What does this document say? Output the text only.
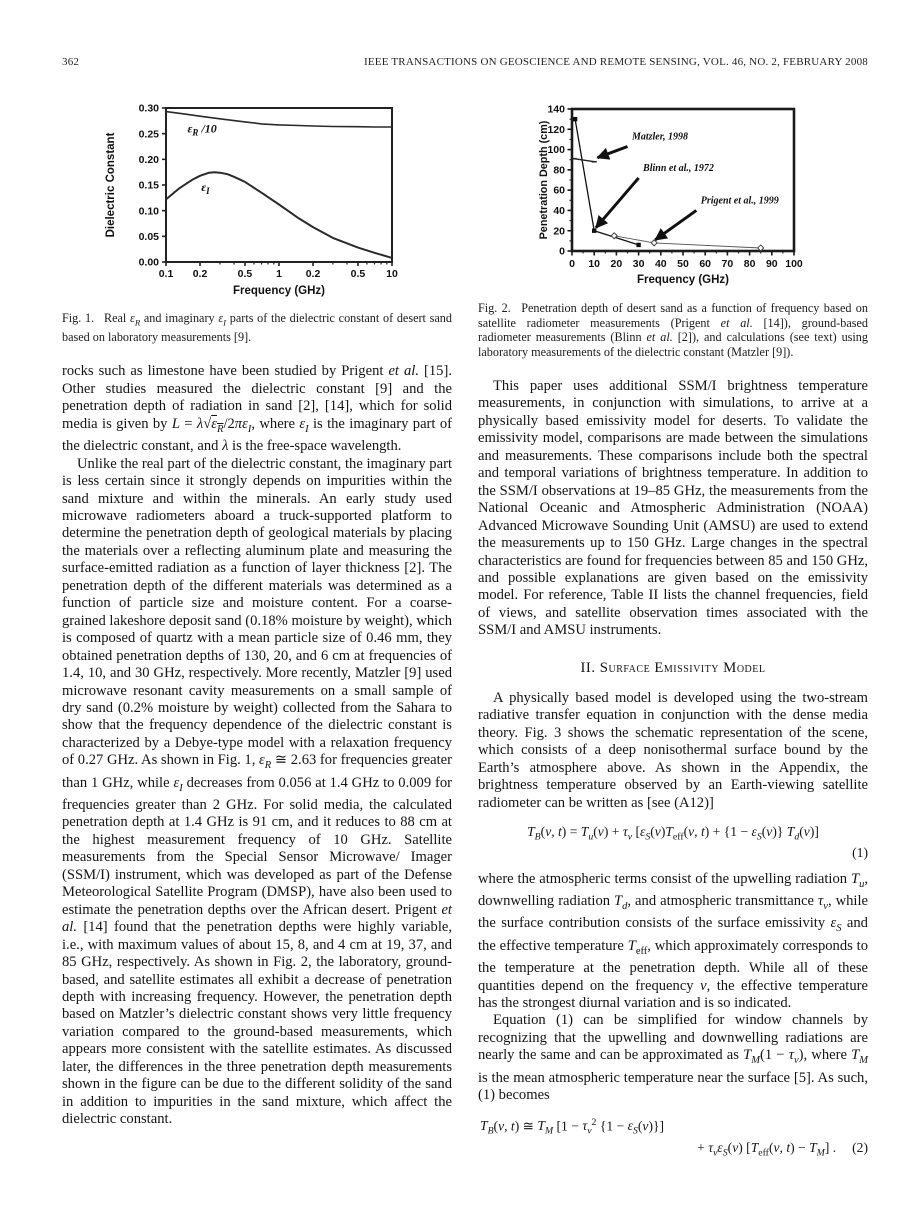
362	IEEE TRANSACTIONS ON GEOSCIENCE AND REMOTE SENSING, VOL. 46, NO. 2, FEBRUARY 2008
0.00
0.05
0.10
0.15
0.20
0.25
0.30
0.1 0.2	0.5 1 0.2	0.5 10
$\varepsilon_R$ /10
$\varepsilon_I$
Frequency (GHz)
Dielectric Constant
Fig. 1.  Real $\varepsilon_R$ and imaginary $\varepsilon_I$ parts of the dielectric constant of desert sand based on laboratory measurements [9].

rocks such as limestone have been studied by Prigent et al. [15]. Other studies measured the dielectric constant [9] and the penetration depth of radiation in sand [2], [14], which for solid media is given by $L = \lambda√\varepsilon_R/2\pi\varepsilon_I$, where $\varepsilon_I$ is the imaginary part of the dielectric constant, and λ is the free-space wavelength.

Unlike the real part of the dielectric constant, the imaginary part is less certain since it strongly depends on impurities within the sand mixture and within the minerals. An early study used microwave radiometers aboard a truck-supported platform to determine the penetration depth of geological materials by placing the materials over a reflecting aluminum plate and measuring the surface-emitted radiation as a function of layer thickness [2]. The penetration depth of the different materials was determined as a function of particle size and moisture content. For a coarse-grained lakeshore deposit sand (0.18% moisture by weight), which is composed of quartz with a mean particle size of 0.46 mm, they obtained penetration depths of 130, 20, and 6 cm at frequencies of 1.4, 10, and 30 GHz, respectively. More recently, Matzler [9] used microwave resonant cavity measurements on a small sample of dry sand (0.2% moisture by weight) collected from the Sahara to show that the frequency dependence of the dielectric constant is characterized by a Debye-type model with a relaxation frequency of 0.27 GHz. As shown in Fig. 1, $\varepsilon_R$ ≅ 2.63 for frequencies greater than 1 GHz, while $\varepsilon_I$ decreases from 0.056 at 1.4 GHz to 0.009 for frequencies greater than 2 GHz. For solid media, the calculated penetration depth at 1.4 GHz is 91 cm, and it reduces to 88 cm at the highest measurement frequency of 10 GHz. Satellite measurements from the Special Sensor Microwave/ Imager (SSM/I) instrument, which was developed as part of the Defense Meteorological Satellite Program (DMSP), have also been used to estimate the penetration depths over the African desert. Prigent et al. [14] found that the penetration depths were highly variable, i.e., with maximum values of about 15, 8, and 4 cm at 19, 37, and 85 GHz, respectively. As shown in Fig. 2, the laboratory, ground-based, and satellite estimates all exhibit a decrease of penetration depth with increasing frequency. However, the penetration depth based on Matzler’s dielectric constant shows very little frequency variation compared to the ground-based measurements, which appears more consistent with the satellite estimates. As discussed later, the differences in the three penetration depth measurements shown in the figure can be due to the different solidity of the sand in addition to impurities in the sand mixture, which affect the dielectric constant.

0
20
40
60
80
100
120
140
0 10 20 30 40 50 60 70 80 90 100
Matzler, 1998
Blinn et al., 1972
Prigent et al., 1999
Frequency (GHz)
Penetration Depth (cm)
Fig. 2.  Penetration depth of desert sand as a function of frequency based on satellite radiometer measurements (Prigent et al. [14]), ground-based radiometer measurements (Blinn et al. [2]), and calculations (see text) using laboratory measurements of the dielectric constant (Matzler [9]).

This paper uses additional SSM/I brightness temperature measurements, in conjunction with simulations, to arrive at a physically based emissivity model for deserts. To validate the emissivity model, comparisons are made between the simulations and measurements. These comparisons include both the spectral and temporal variations of brightness temperature. In addition to the SSM/I observations at 19–85 GHz, the measurements from the National Oceanic and Atmospheric Administration (NOAA) Advanced Microwave Sounding Unit (AMSU) are used to extend the measurements up to 150 GHz. Large changes in the spectral characteristics are found for frequencies between 85 and 150 GHz, and possible explanations are given based on the emissivity model. For reference, Table II lists the channel frequencies, field of views, and satellite observation times associated with the SSM/I and AMSU instruments.

II. Surface Emissivity Model

A physically based model is developed using the two-stream radiative transfer equation in conjunction with the dense media theory. Fig. 3 shows the schematic representation of the scene, which consists of a deep nonisothermal surface bound by the Earth’s atmosphere above. As shown in the Appendix, the brightness temperature observed by an Earth-viewing satellite radiometer can be written as [see (A12)]

$T_B(\nu$, $t) = T_u(\nu) + \tau_\nu$ [$\varepsilon_S(\nu)T_{eff}(\nu$, $t) + \{1 - \varepsilon_S(\nu)\}$ $T_d(\nu)$]
(1)

where the atmospheric terms consist of the upwelling radiation $T_u$, downwelling radiation $T_d$, and atmospheric transmittance $\tau_\nu$, while the surface contribution consists of the surface emissivity $\varepsilon_S$ and the effective temperature $T_{eff}$, which approximately corresponds to the temperature at the penetration depth. While all of these quantities depend on the frequency ν, the effective temperature has the strongest diurnal variation and is so indicated.

Equation (1) can be simplified for window channels by recognizing that the upwelling and downwelling radiations are nearly the same and can be approximated as $T_M(1 - \tau_\nu)$, where $T_M$ is the mean atmospheric temperature near the surface [5]. As such, (1) becomes

$T_B(\nu$, t) ≅ $T_M$ [$1 - \tau_\nu^2$ $\{1 - \varepsilon_S(\nu)\}$]
+ $\tau_\nu\varepsilon_S(\nu)$ [$T_{eff}(\nu$, $t) - T_M$] . (2)
